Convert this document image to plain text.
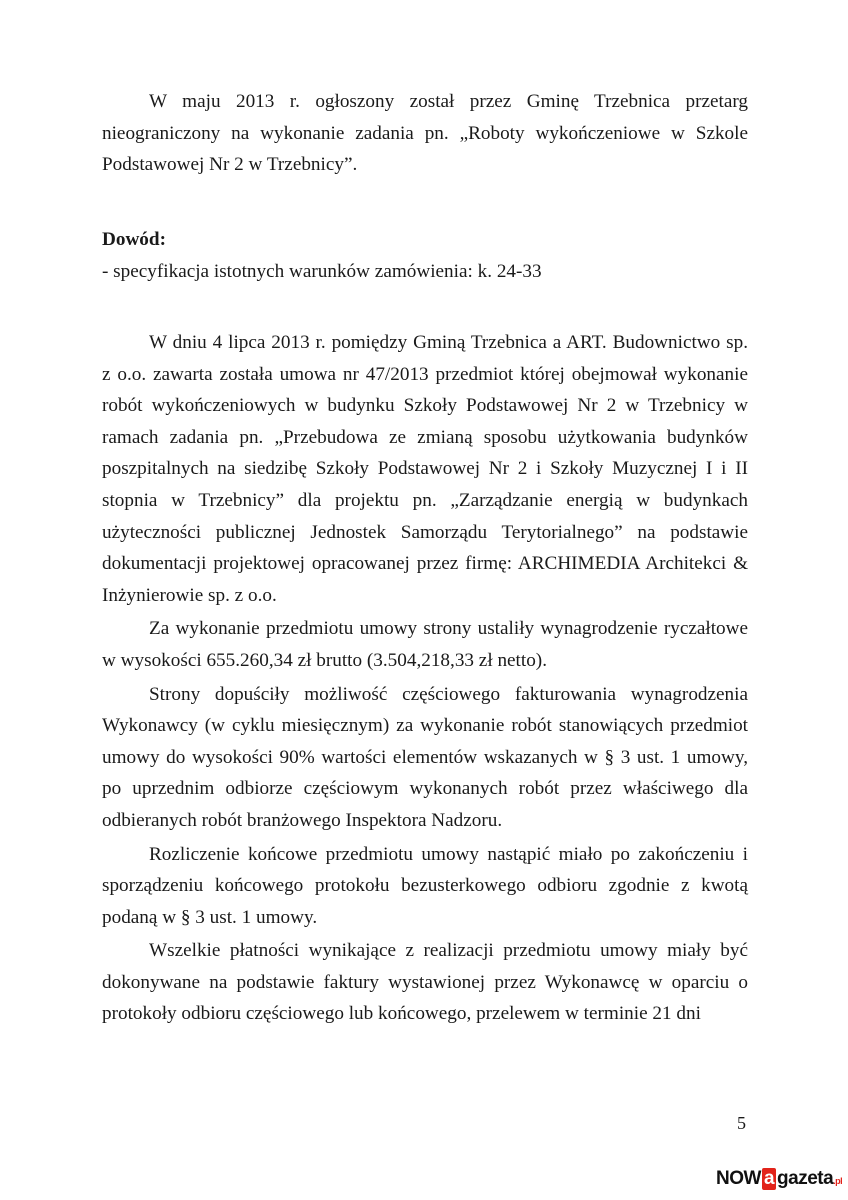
W maju 2013 r. ogłoszony został przez Gminę Trzebnica przetarg nieograniczony na wykonanie zadania pn. „Roboty wykończeniowe w Szkole Podstawowej Nr 2 w Trzebnicy”.

Dowód:

- specyfikacja istotnych warunków zamówienia: k. 24-33

W dniu 4 lipca 2013 r. pomiędzy Gminą Trzebnica a ART. Budownictwo sp. z o.o. zawarta została umowa nr 47/2013 przedmiot której obejmował wykonanie robót wykończeniowych w budynku Szkoły Podstawowej Nr 2 w Trzebnicy w ramach zadania pn. „Przebudowa ze zmianą sposobu użytkowania budynków poszpitalnych na siedzibę Szkoły Podstawowej Nr 2 i Szkoły Muzycznej I i II stopnia w Trzebnicy” dla projektu pn. „Zarządzanie energią w budynkach użyteczności publicznej Jednostek Samorządu Terytorialnego” na podstawie dokumentacji projektowej opracowanej przez firmę: ARCHIMEDIA Architekci & Inżynierowie sp. z o.o.

Za wykonanie przedmiotu umowy strony ustaliły wynagrodzenie ryczałtowe w wysokości 655.260,34 zł brutto (3.504,218,33 zł netto).

Strony dopuściły możliwość częściowego fakturowania wynagrodzenia Wykonawcy (w cyklu miesięcznym) za wykonanie robót stanowiących przedmiot umowy do wysokości 90% wartości elementów wskazanych w § 3 ust. 1 umowy, po uprzednim odbiorze częściowym wykonanych robót przez właściwego dla odbieranych robót branżowego Inspektora Nadzoru.

Rozliczenie końcowe przedmiotu umowy nastąpić miało po zakończeniu i sporządzeniu końcowego protokołu bezusterkowego odbioru zgodnie z kwotą podaną w § 3 ust. 1 umowy.

Wszelkie płatności wynikające z realizacji przedmiotu umowy miały być dokonywane na podstawie faktury wystawionej przez Wykonawcę w oparciu o protokoły odbioru częściowego lub końcowego, przelewem w terminie 21 dni

5
NOW a gazeta.pl
